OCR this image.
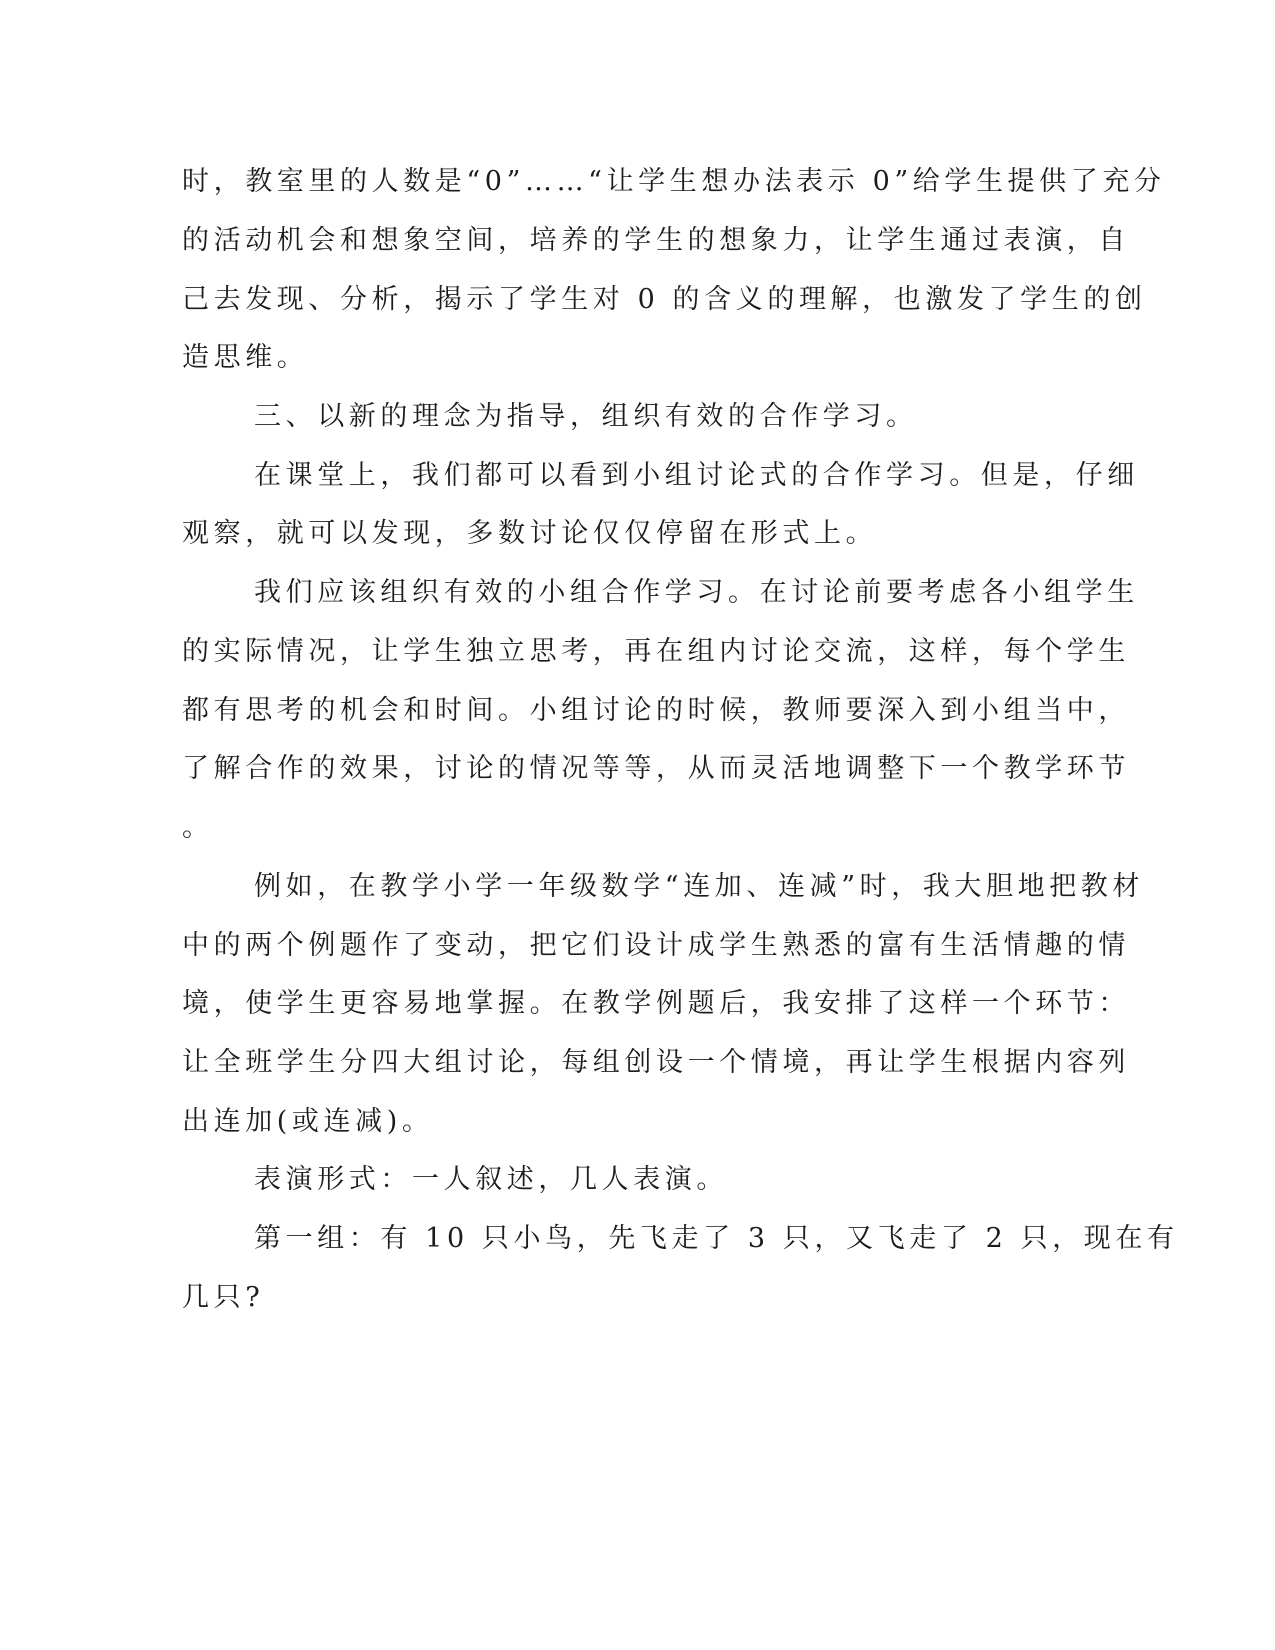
时，教室里的人数是“0”……“让学生想办法表示 0”给学生提供了充分
的活动机会和想象空间，培养的学生的想象力，让学生通过表演，自
己去发现、分析，揭示了学生对 0 的含义的理解，也激发了学生的创
造思维。
三、以新的理念为指导，组织有效的合作学习。
在课堂上，我们都可以看到小组讨论式的合作学习。但是，仔细
观察，就可以发现，多数讨论仅仅停留在形式上。
我们应该组织有效的小组合作学习。在讨论前要考虑各小组学生
的实际情况，让学生独立思考，再在组内讨论交流，这样，每个学生
都有思考的机会和时间。小组讨论的时候，教师要深入到小组当中，
了解合作的效果，讨论的情况等等，从而灵活地调整下一个教学环节
。
例如，在教学小学一年级数学“连加、连减”时，我大胆地把教材
中的两个例题作了变动，把它们设计成学生熟悉的富有生活情趣的情
境，使学生更容易地掌握。在教学例题后，我安排了这样一个环节：
让全班学生分四大组讨论，每组创设一个情境，再让学生根据内容列
出连加(或连减)。
表演形式：一人叙述，几人表演。
第一组：有 10 只小鸟，先飞走了 3 只，又飞走了 2 只，现在有
几只?
